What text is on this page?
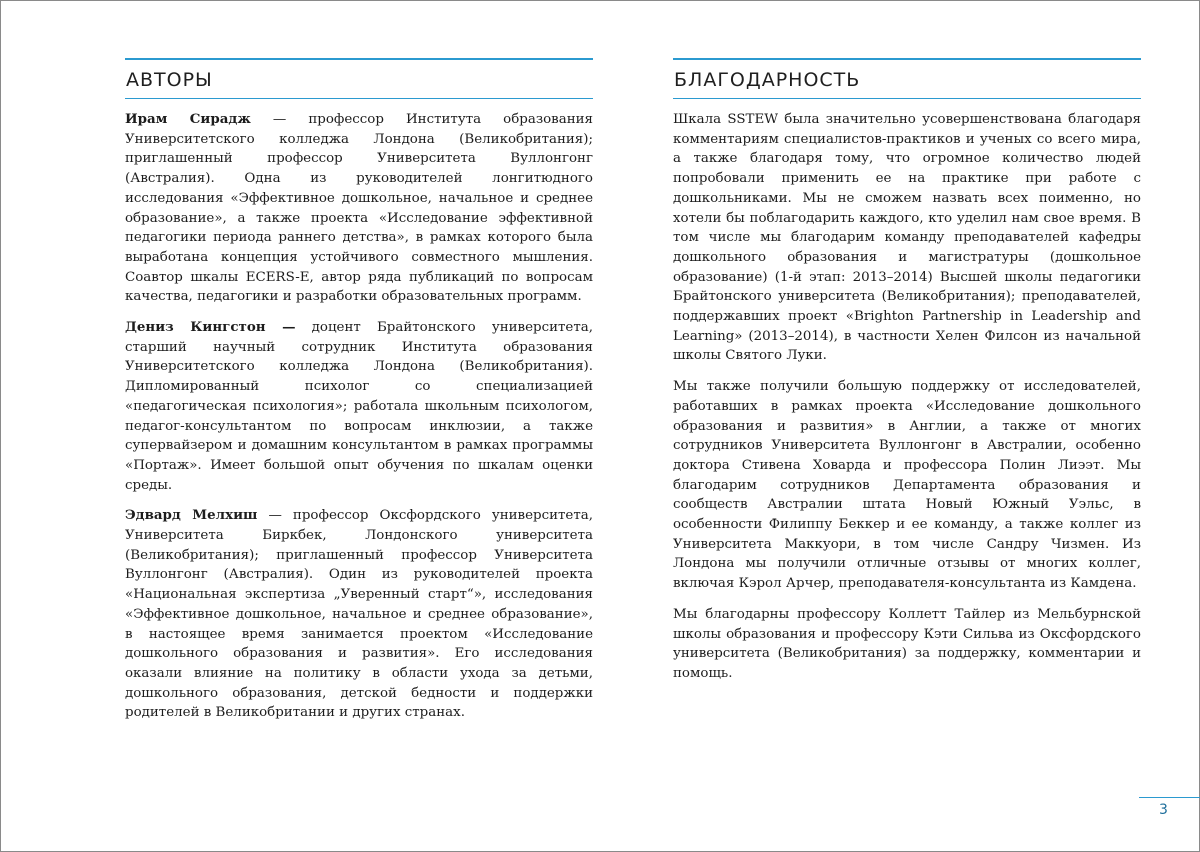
АВТОРЫ

Ирам Сирадж — профессор Института образования Университетского колледжа Лондона (Великобритания); приглашенный профессор Университета Вуллонгонг (Австралия). Одна из руководителей лонгитюдного исследования «Эффективное дошкольное, начальное и среднее образование», а также проекта «Исследование эффективной педагогики периода раннего детства», в рамках которого была выработана концепция устойчивого совместного мышления. Соавтор шкалы ECERS-E, автор ряда публикаций по вопросам качества, педагогики и разработки образовательных программ.

Дениз Кингстон — доцент Брайтонского университета, старший научный сотрудник Института образования Университетского колледжа Лондона (Великобритания). Дипломированный психолог со специализацией «педагогическая психология»; работала школьным психологом, педагог-консультантом по вопросам инклюзии, а также супервайзером и домашним консультантом в рамках программы «Портаж». Имеет большой опыт обучения по шкалам оценки среды.

Эдвард Мелхиш — профессор Оксфордского университета, Университета Биркбек, Лондонского университета (Великобритания); приглашенный профессор Университета Вуллонгонг (Австралия). Один из руководителей проекта «Национальная экспертиза „Уверенный старт“», исследования «Эффективное дошкольное, начальное и среднее образование», в настоящее время занимается проектом «Исследование дошкольного образования и развития». Его исследования оказали влияние на политику в области ухода за детьми, дошкольного образования, детской бедности и поддержки родителей в Великобритании и других странах.

БЛАГОДАРНОСТЬ

Шкала SSTEW была значительно усовершенствована благодаря комментариям специалистов-практиков и ученых со всего мира, а также благодаря тому, что огромное количество людей попробовали применить ее на практике при работе с дошкольниками. Мы не сможем назвать всех поименно, но хотели бы поблагодарить каждого, кто уделил нам свое время. В том числе мы благодарим команду преподавателей кафедры дошкольного образования и магистратуры (дошкольное образование) (1-й этап: 2013–2014) Высшей школы педагогики Брайтонского университета (Великобритания); преподавателей, поддержавших проект «Brighton Partnership in Leadership and Learning» (2013–2014), в частности Хелен Филсон из начальной школы Святого Луки.

Мы также получили большую поддержку от исследователей, работавших в рамках проекта «Исследование дошкольного образования и развития» в Англии, а также от многих сотрудников Университета Вуллонгонг в Австралии, особенно доктора Стивена Ховарда и профессора Полин Лиээт. Мы благодарим сотрудников Департамента образования и сообществ Австралии штата Новый Южный Уэльс, в особенности Филиппу Беккер и ее команду, а также коллег из Университета Маккуори, в том числе Сандру Чизмен. Из Лондона мы получили отличные отзывы от многих коллег, включая Кэрол Арчер, преподавателя-консультанта из Камдена.

Мы благодарны профессору Коллетт Тайлер из Мельбурнской школы образования и профессору Кэти Сильва из Оксфордского университета (Великобритания) за поддержку, комментарии и помощь.

3
